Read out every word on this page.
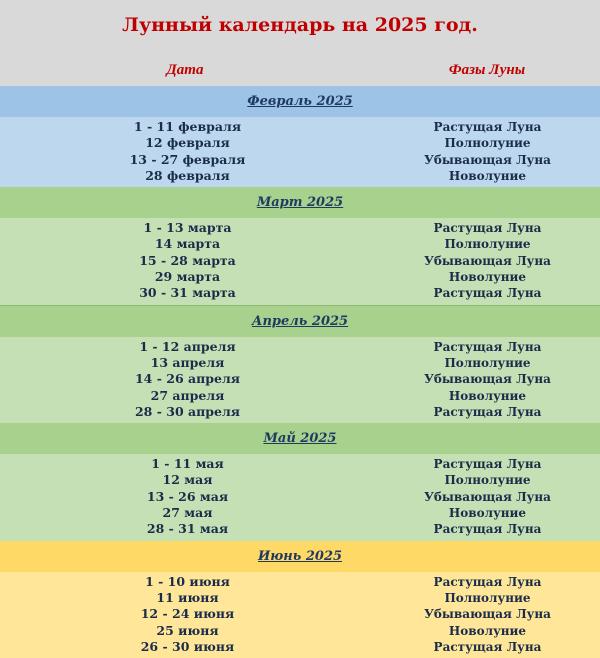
Лунный календарь на 2025 год.
Дата	Фазы Луны
Февраль 2025
1 - 11 февраля	Растущая Луна
12 февраля	Полнолуние
13 - 27 февраля	Убывающая Луна
28 февраля	Новолуние
Март 2025
1 - 13 марта	Растущая Луна
14 марта	Полнолуние
15 - 28 марта	Убывающая Луна
29 марта	Новолуние
30 - 31 марта	Растущая Луна
Апрель 2025
1 - 12 апреля	Растущая Луна
13 апреля	Полнолуние
14 - 26 апреля	Убывающая Луна
27 апреля	Новолуние
28 - 30 апреля	Растущая Луна
Май 2025
1 - 11 мая	Растущая Луна
12 мая	Полнолуние
13 - 26 мая	Убывающая Луна
27 мая	Новолуние
28 - 31 мая	Растущая Луна
Июнь 2025
1 - 10 июня	Растущая Луна
11 июня	Полнолуние
12 - 24 июня	Убывающая Луна
25 июня	Новолуние
26 - 30 июня	Растущая Луна
